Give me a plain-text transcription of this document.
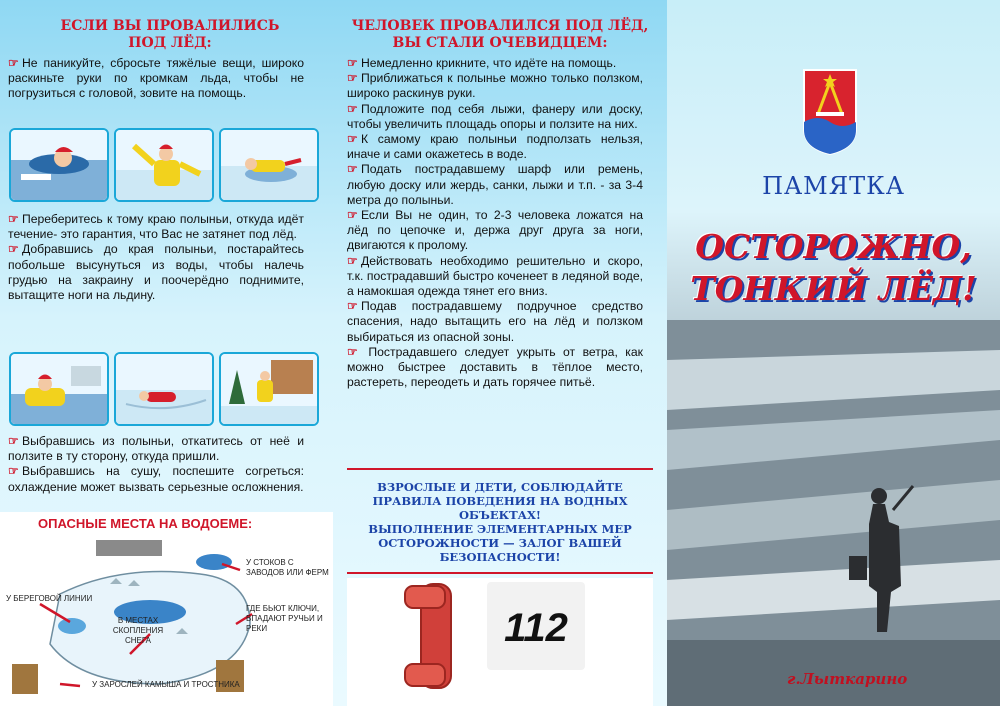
ЕСЛИ ВЫ ПРОВАЛИЛИСЬ ПОД ЛЁД:

☞ Не паникуйте, сбросьте тяжёлые вещи, широко раскиньте руки по кромкам льда, чтобы не погрузиться с головой, зовите на помощь.
☞ Переберитесь к тому краю полыньи, откуда идёт течение- это гарантия, что Вас не затянет под лёд.
☞ Добравшись до края полыньи, постарайтесь побольше высунуться из воды, чтобы налечь грудью на закраину и поочерёдно поднимите, вытащите ноги на льдину.
☞ Выбравшись из полыньи, откатитесь от неё и ползите в ту сторону, откуда пришли.
☞ Выбравшись на сушу, поспешите согреться: охлаждение может вызвать серьезные осложнения.
ОПАСНЫЕ МЕСТА НА ВОДОЕМЕ:
У СТОКОВ С ЗАВОДОВ ИЛИ ФЕРМ
У БЕРЕГОВОЙ ЛИНИИ
ГДЕ БЬЮТ КЛЮЧИ, ВПАДАЮТ РУЧЬИ И РЕКИ
В МЕСТАХ СКОПЛЕНИЯ СНЕГА
У ЗАРОСЛЕЙ КАМЫША И ТРОСТНИКА

ЧЕЛОВЕК ПРОВАЛИЛСЯ ПОД ЛЁД, ВЫ СТАЛИ ОЧЕВИДЦЕМ:

☞ Немедленно крикните, что идёте на помощь.
☞ Приближаться к полынье можно только ползком, широко раскинув руки.
☞ Подложите под себя лыжи, фанеру или доску, чтобы увеличить площадь опоры и ползите на них.
☞ К самому краю полыньи подползать нельзя, иначе и сами окажетесь в воде.
☞ Подать пострадавшему шарф или ремень, любую доску или жердь, санки, лыжи и т.п. - за 3-4 метра до полыньи.
☞ Если Вы не один, то 2-3 человека ложатся на лёд по цепочке и, держа друг друга за ноги, двигаются к пролому.
☞ Действовать необходимо решительно и скоро, т.к. пострадавший быстро коченеет в ледяной воде, а намокшая одежда тянет его вниз.
☞ Подав пострадавшему подручное средство спасения, надо вытащить его на лёд и ползком выбираться из опасной зоны.
☞ Пострадавшего следует укрыть от ветра, как можно быстрее доставить в тёплое место, растереть, переодеть и дать горячее питьё.

ВЗРОСЛЫЕ И ДЕТИ, СОБЛЮДАЙТЕ ПРАВИЛА ПОВЕДЕНИЯ НА ВОДНЫХ ОБЪЕКТАХ!

ВЫПОЛНЕНИЕ ЭЛЕМЕНТАРНЫХ МЕР ОСТОРОЖНОСТИ — ЗАЛОГ ВАШЕЙ БЕЗОПАСНОСТИ!

112
ПАМЯТКА
ОСТОРОЖНО,
ТОНКИЙ ЛЁД!
г.Лыткарино
